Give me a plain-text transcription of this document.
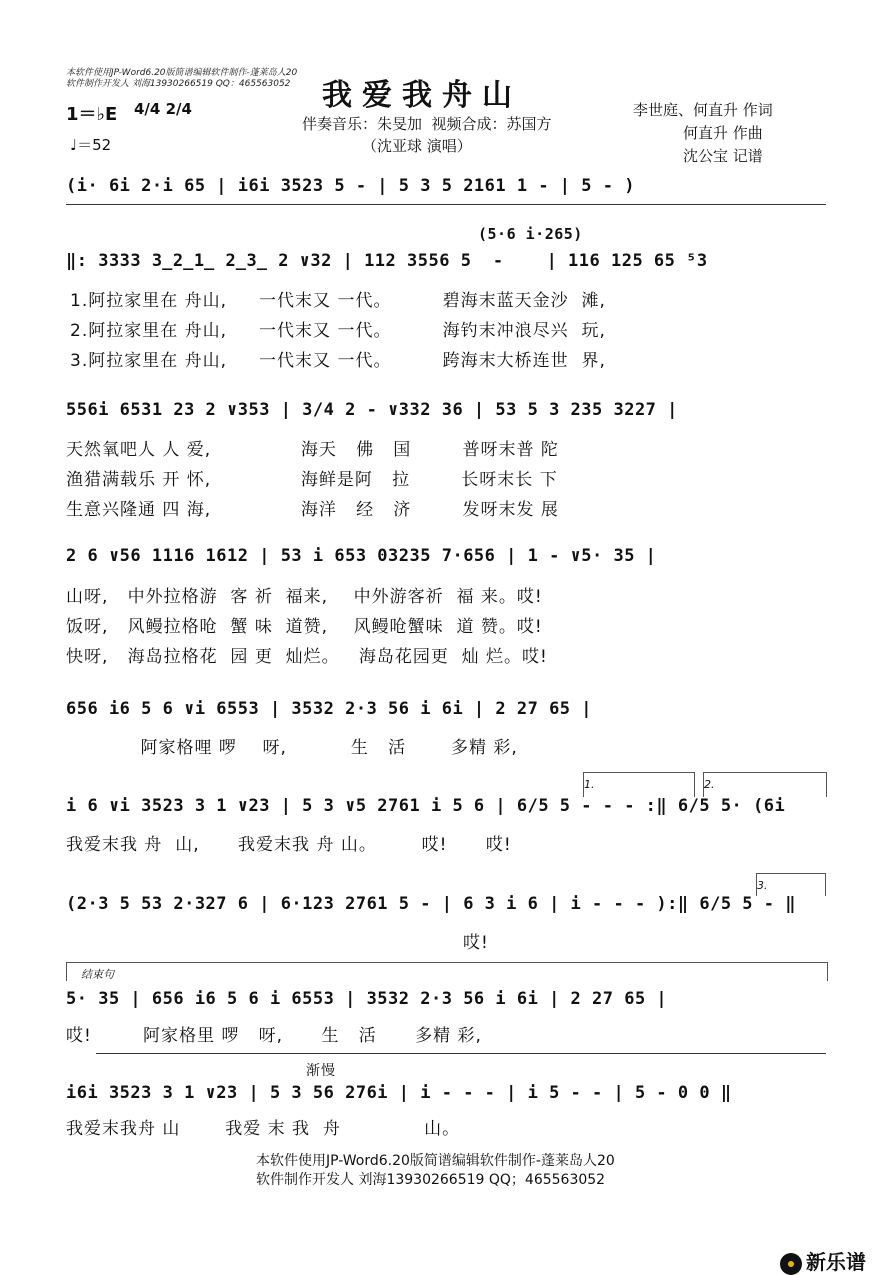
本软件使用JP-Word6.20版简谱编辑软件制作-蓬莱岛人20
软件制作开发人 刘海13930266519 QQ：465563052 我爱我舟山
1＝♭E 4/4 2/4
♩＝52
伴奏音乐：朱旻加  视频合成：苏国方
（沈亚球 演唱）
李世庭、何直升 作词
何直升 作曲
沈公宝 记谱
(i· 6i 2·i 65 | i6i 3523 5 - | 5 3 5 2161 1 - | 5 - )
(5·6 i·265)
‖: 3333 3̲2̲1̲ 2̲3̲ 2 ∨32 | 112 3556 5  -    | 116 125 65 ⁵3
1.阿拉家里在 舟山,     一代末又 一代。        碧海末蓝天金沙  滩,
2.阿拉家里在 舟山,     一代末又 一代。        海钓末冲浪尽兴  玩,
3.阿拉家里在 舟山,     一代末又 一代。        跨海末大桥连世  界,
556i 6531 23 2 ∨353 | 3/4 2 - ∨332 36 | 53 5 3 235 3227 |
天然氧吧人 人 爱,              海天   佛   国        普呀末普 陀
渔猎满载乐 开 怀,              海鲜是阿   拉        长呀末长 下
生意兴隆通 四 海,              海洋   经   济        发呀末发 展
2 6 ∨56 1116 1612 | 53 i 653 03235 7·656 | 1 - ∨5· 35 |
山呀,   中外拉格游  客 祈  福来,    中外游客祈  福 来。哎!
饭呀,   风鳗拉格呛  蟹 味  道赞,    风鳗呛蟹味  道 赞。哎!
快呀,   海岛拉格花  园 更  灿烂。   海岛花园更  灿 烂。哎!
656 i6 5 6 ∨i 6553 | 3532 2·3 56 i 6i | 2 27 65 |
阿家格哩 啰    呀,          生   活       多精 彩,
1.	2.
i 6 ∨i 3523 3 1 ∨23 | 5 3 ∨5 2761 i 5 6 | 6/5 5 - - - :‖ 6/5 5· (6i
我爱末我 舟  山,      我爱末我 舟 山。       哎!      哎!
3.
(2·3 5 53 2·327 6 | 6·123 2761 5 - | 6 3 i 6 | i - - - ):‖ 6/5 5 - ‖
哎!
结束句
5· 35 | 656 i6 5 6 i 6553 | 3532 2·3 56 i 6i | 2 27 65 |
哎!        阿家格里 啰   呀,      生   活      多精 彩,
渐慢
i6i 3523 3 1 ∨23 | 5 3 56 276i | i - - - | i 5 - - | 5 - 0 0 ‖
我爱末我舟 山       我爱 末 我  舟             山。
本软件使用JP-Word6.20版简谱编辑软件制作-蓬莱岛人20
软件制作开发人 刘海13930266519 QQ；465563052

新乐谱
